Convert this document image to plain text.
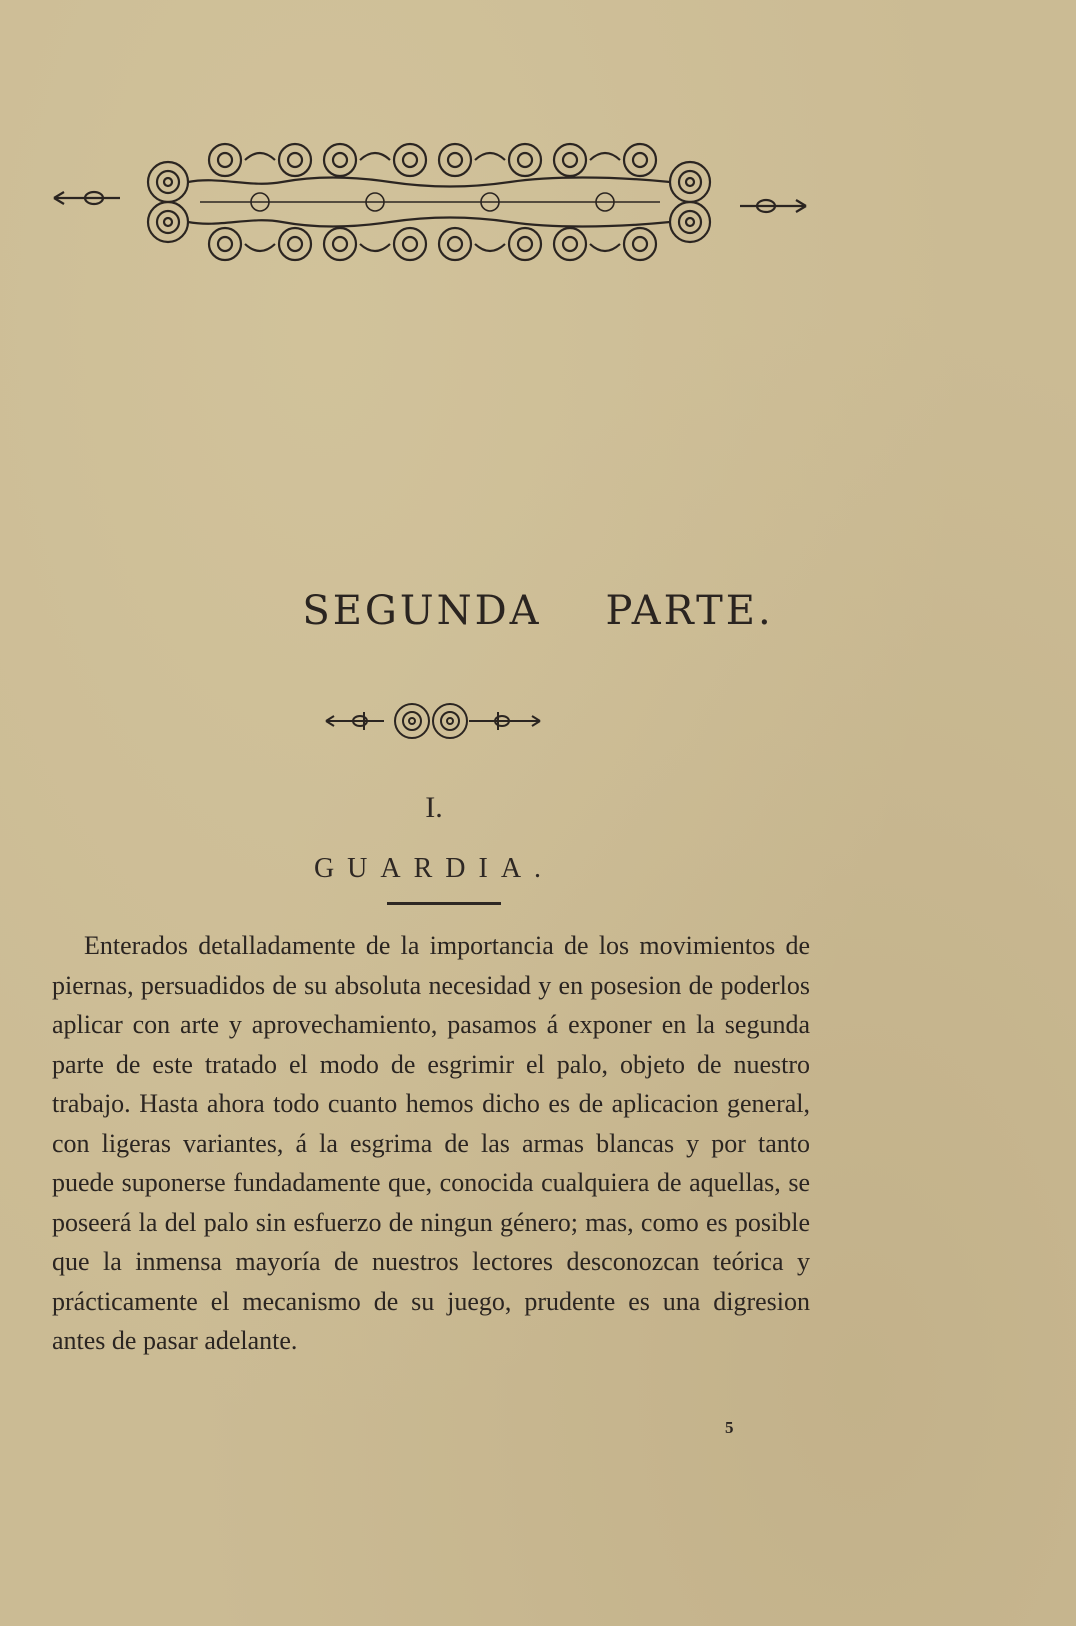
SEGUNDA PARTE.
I.
GUARDIA.

Enterados detalladamente de la importancia de los movimientos de piernas, persuadidos de su absoluta necesidad y en posesion de poderlos aplicar con arte y aprovechamiento, pasamos á exponer en la segunda parte de este tratado el modo de esgrimir el palo, objeto de nuestro trabajo. Hasta ahora todo cuanto hemos dicho es de aplicacion general, con ligeras variantes, á la esgrima de las armas blancas y por tanto puede suponerse fundadamente que, conocida cualquiera de aquellas, se poseerá la del palo sin esfuerzo de ningun género; mas, como es posible que la inmensa mayoría de nuestros lectores desconozcan teórica y prácticamente el mecanismo de su juego, prudente es una digresion antes de pasar adelante.

5
